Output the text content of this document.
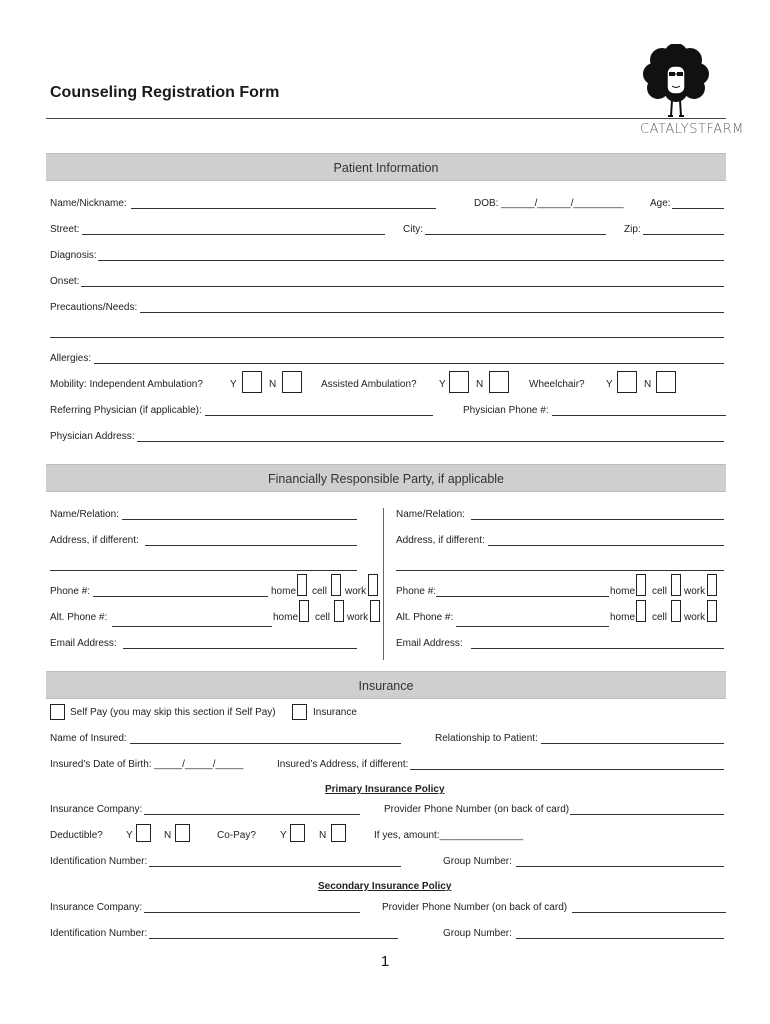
Counseling Registration Form
CATALYSTFARM
Patient Information
Name/Nickname:	DOB: ______/______/_________	Age:
Street:	City:	Zip:
Diagnosis:
Onset:
Precautions/Needs:
Allergies:
Mobility: Independent Ambulation?	Y	N	Assisted Ambulation? Y	N	Wheelchair? Y	N
Referring Physician (if applicable):	Physician Phone #:
Physician Address:
Financially Responsible Party, if applicable
Name/Relation:
Address, if different:
Phone #:	home cell work
Alt. Phone #:	home cell work
Email Address:
Name/Relation:
Address, if different:
Phone #:	home cell work
Alt. Phone #:	home cell work
Email Address:
Insurance
Self Pay (you may skip this section if Self Pay)	Insurance
Name of Insured:	Relationship to Patient:
Insured’s Date of Birth: _____/_____/_____	Insured’s Address, if different:
Primary Insurance Policy
Insurance Company:	Provider Phone Number (on back of card)
Deductible? Y	N	Co-Pay? Y	N	If yes, amount:_______________
Identification Number:	Group Number:
Secondary Insurance Policy
Insurance Company:	Provider Phone Number (on back of card)
Identification Number:	Group Number:
1
